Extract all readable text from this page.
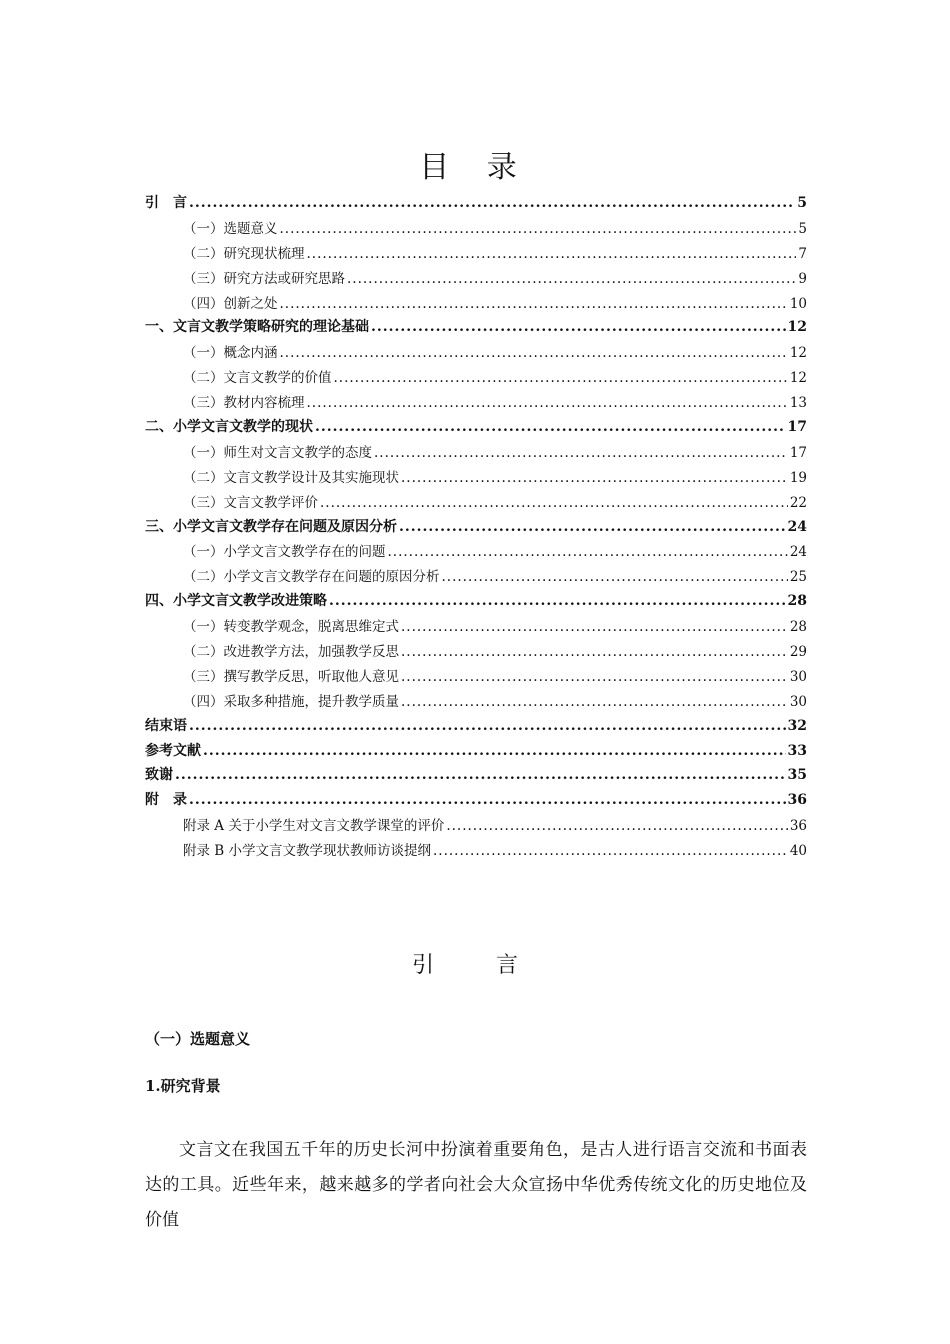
目 录
引　言 .....	5
（一）选题意义 .....	5
（二）研究现状梳理 .....	7
（三）研究方法或研究思路 .....	9
（四）创新之处 .....	10
一、文言文教学策略研究的理论基础 .....	12
（一）概念内涵 .....	12
（二）文言文教学的价值 .....	12
（三）教材内容梳理 .....	13
二、小学文言文教学的现状 .....	17
（一）师生对文言文教学的态度 .....	17
（二）文言文教学设计及其实施现状 .....	19
（三）文言文教学评价 .....	22
三、小学文言文教学存在问题及原因分析 .....	24
（一）小学文言文教学存在的问题 .....	24
（二）小学文言文教学存在问题的原因分析 .....	25
四、小学文言文教学改进策略 .....	28
（一）转变教学观念，脱离思维定式 .....	28
（二）改进教学方法，加强教学反思 .....	29
（三）撰写教学反思，听取他人意见 .....	30
（四）采取多种措施，提升教学质量 .....	30
结束语 .....	32
参考文献 .....	33
致谢 .....	35
附　录 .....	36
附录 A 关于小学生对文言文教学课堂的评价 .....	36
附录 B 小学文言文教学现状教师访谈提纲 .....	40
引　言
（一）选题意义
1.研究背景

文言文在我国五千年的历史长河中扮演着重要角色，是古人进行语言交流和书面表达的工具。近些年来，越来越多的学者向社会大众宣扬中华优秀传统文化的历史地位及价值
